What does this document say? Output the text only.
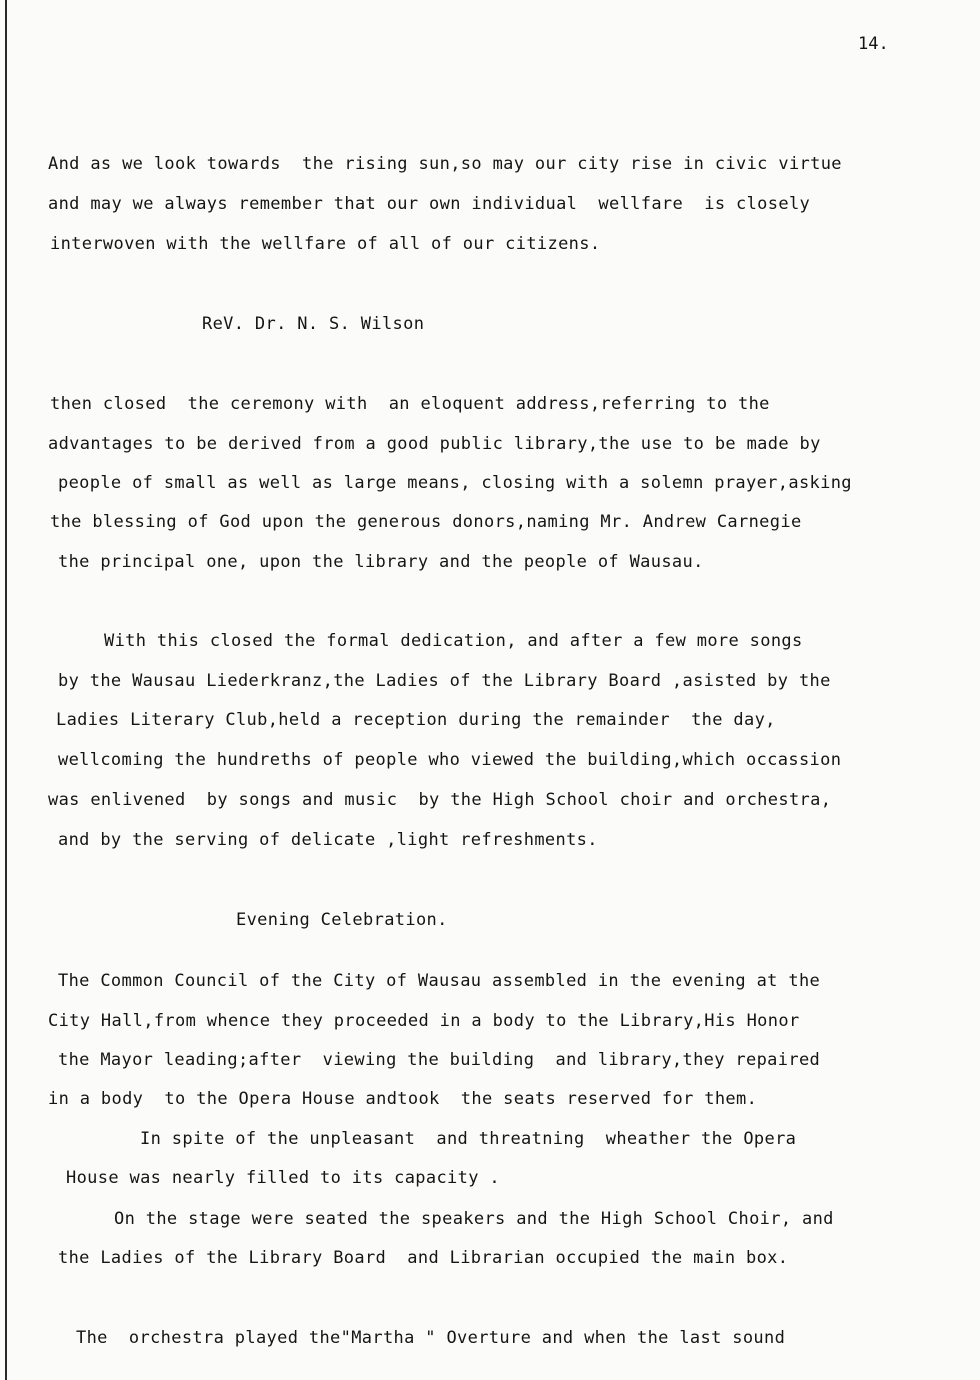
14.
And as we look towards  the rising sun,so may our city rise in civic virtue
and may we always remember that our own individual  wellfare  is closely
interwoven with the wellfare of all of our citizens.
ReV. Dr. N. S. Wilson
then closed  the ceremony with  an eloquent address,referring to the
advantages to be derived from a good public library,the use to be made by
people of small as well as large means, closing with a solemn prayer,asking
the blessing of God upon the generous donors,naming Mr. Andrew Carnegie
the principal one, upon the library and the people of Wausau.
With this closed the formal dedication, and after a few more songs
by the Wausau Liederkranz,the Ladies of the Library Board ,asisted by the
Ladies Literary Club,held a reception during the remainder  the day,
wellcoming the hundreths of people who viewed the building,which occassion
was enlivened  by songs and music  by the High School choir and orchestra,
and by the serving of delicate ,light refreshments.
Evening Celebration.
The Common Council of the City of Wausau assembled in the evening at the
City Hall,from whence they proceeded in a body to the Library,His Honor
the Mayor leading;after  viewing the building  and library,they repaired
in a body  to the Opera House andtook  the seats reserved for them.
In spite of the unpleasant  and threatning  wheather the Opera
House was nearly filled to its capacity .
On the stage were seated the speakers and the High School Choir, and
the Ladies of the Library Board  and Librarian occupied the main box.
The  orchestra played the"Martha " Overture and when the last sound
